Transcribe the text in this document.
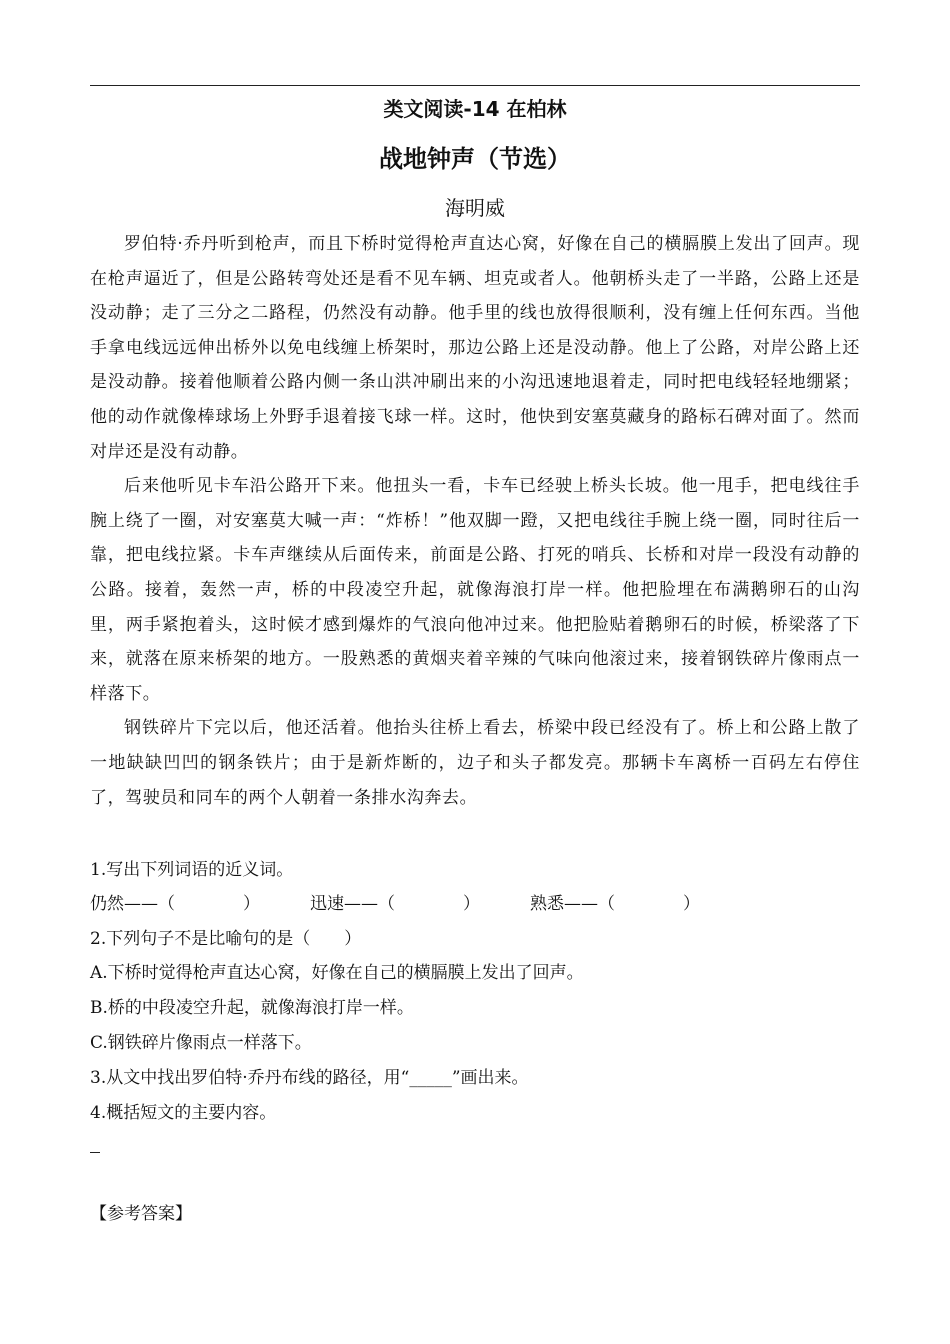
类文阅读-14 在柏林
战地钟声（节选）
海明威

罗伯特·乔丹听到枪声，而且下桥时觉得枪声直达心窝，好像在自己的横膈膜上发出了回声。现在枪声逼近了，但是公路转弯处还是看不见车辆、坦克或者人。他朝桥头走了一半路，公路上还是没动静；走了三分之二路程，仍然没有动静。他手里的线也放得很顺利，没有缠上任何东西。当他手拿电线远远伸出桥外以免电线缠上桥架时，那边公路上还是没动静。他上了公路，对岸公路上还是没动静。接着他顺着公路内侧一条山洪冲刷出来的小沟迅速地退着走，同时把电线轻轻地绷紧；他的动作就像棒球场上外野手退着接飞球一样。这时，他快到安塞莫藏身的路标石碑对面了。然而对岸还是没有动静。

后来他听见卡车沿公路开下来。他扭头一看，卡车已经驶上桥头长坡。他一甩手，把电线往手腕上绕了一圈，对安塞莫大喊一声：“炸桥！”他双脚一蹬，又把电线往手腕上绕一圈，同时往后一靠，把电线拉紧。卡车声继续从后面传来，前面是公路、打死的哨兵、长桥和对岸一段没有动静的公路。接着，轰然一声，桥的中段凌空升起，就像海浪打岸一样。他把脸埋在布满鹅卵石的山沟里，两手紧抱着头，这时候才感到爆炸的气浪向他冲过来。他把脸贴着鹅卵石的时候，桥梁落了下来，就落在原来桥架的地方。一股熟悉的黄烟夹着辛辣的气味向他滚过来，接着钢铁碎片像雨点一样落下。

钢铁碎片下完以后，他还活着。他抬头往桥上看去，桥梁中段已经没有了。桥上和公路上散了一地缺缺凹凹的钢条铁片；由于是新炸断的，边子和头子都发亮。那辆卡车离桥一百码左右停住了，驾驶员和同车的两个人朝着一条排水沟奔去。

1.写出下列词语的近义词。
仍然——（　　　　）	迅速——（　　　　）	熟悉——（　　　　）
2.下列句子不是比喻句的是（　　）
A.下桥时觉得枪声直达心窝，好像在自己的横膈膜上发出了回声。
B.桥的中段凌空升起，就像海浪打岸一样。
C.钢铁碎片像雨点一样落下。
3.从文中找出罗伯特·乔丹布线的路径，用“_____”画出来。
4.概括短文的主要内容。
【参考答案】
